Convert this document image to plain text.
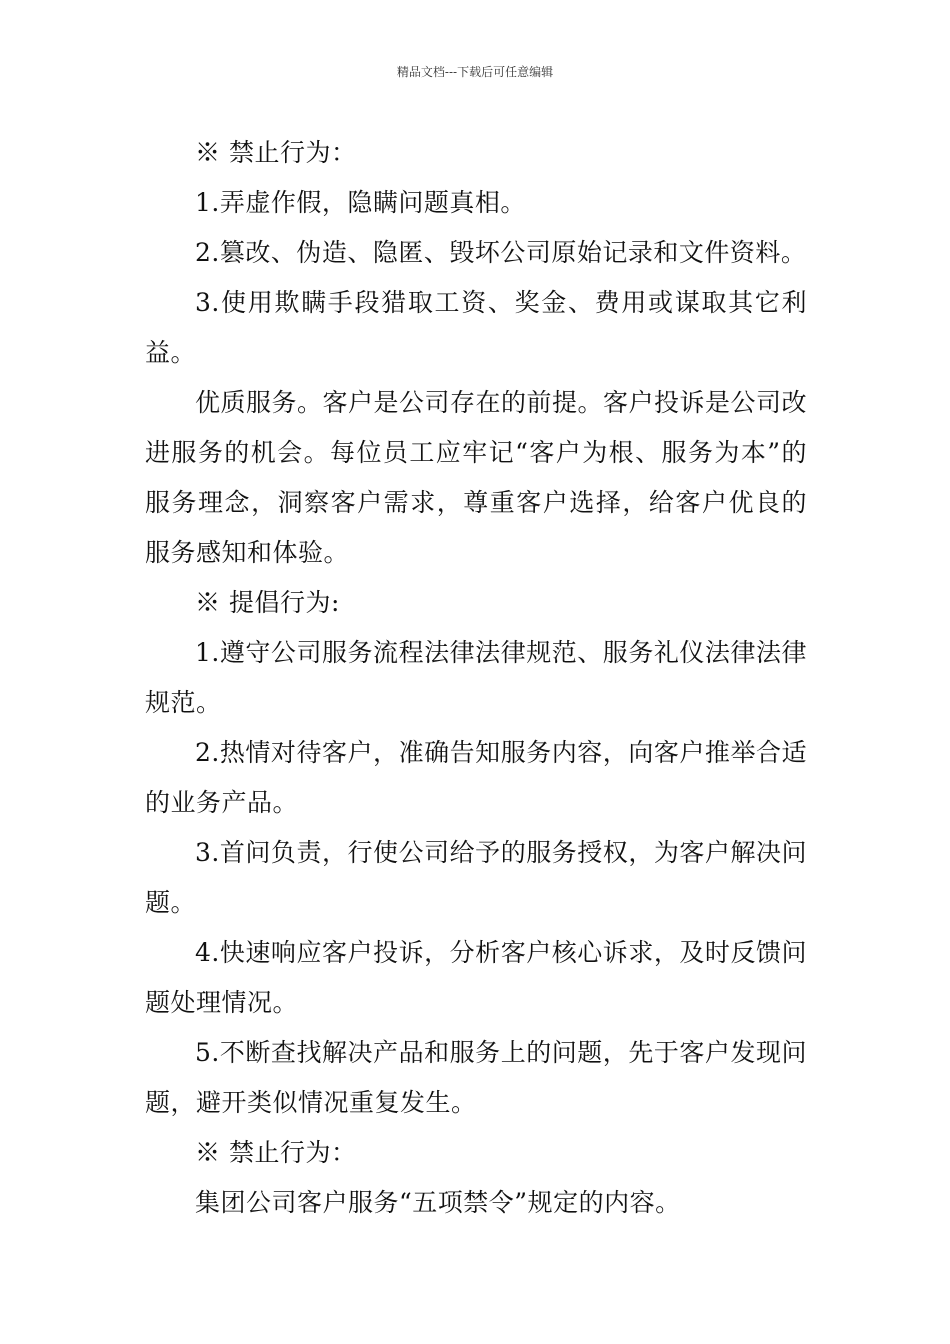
精品文档---下载后可任意编辑

※ 禁止行为：

1.弄虚作假，隐瞒问题真相。

2.篡改、伪造、隐匿、毁坏公司原始记录和文件资料。

3.使用欺瞒手段猎取工资、奖金、费用或谋取其它利益。

优质服务。客户是公司存在的前提。客户投诉是公司改进服务的机会。每位员工应牢记“客户为根、服务为本”的服务理念，洞察客户需求，尊重客户选择，给客户优良的服务感知和体验。

※ 提倡行为:

1.遵守公司服务流程法律法律规范、服务礼仪法律法律规范。

2.热情对待客户，准确告知服务内容，向客户推举合适的业务产品。

3.首问负责，行使公司给予的服务授权，为客户解决问题。

4.快速响应客户投诉，分析客户核心诉求，及时反馈问题处理情况。

5.不断查找解决产品和服务上的问题，先于客户发现问题，避开类似情况重复发生。

※ 禁止行为：

集团公司客户服务“五项禁令”规定的内容。
